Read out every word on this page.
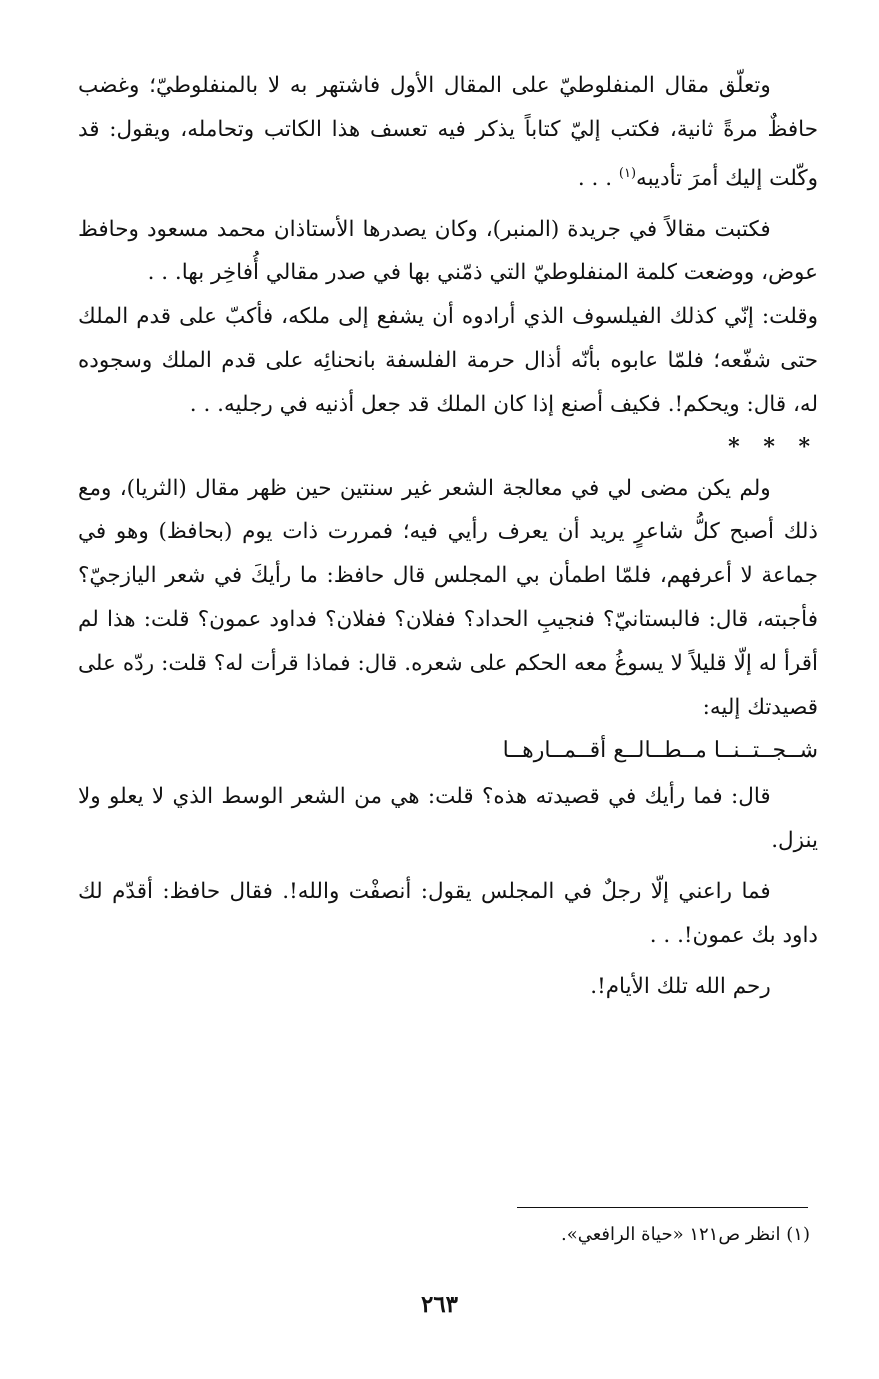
وتعلّق مقال المنفلوطيّ على المقال الأول فاشتهر به لا بالمنفلوطيّ؛ وغضب حافظٌ مرةً ثانية، فكتب إليّ كتاباً يذكر فيه تعسف هذا الكاتب وتحامله، ويقول: قد وكّلت إليك أمرَ تأديبه$^{(١)}$ . . .

فكتبت مقالاً في جريدة (المنبر)، وكان يصدرها الأستاذان محمد مسعود وحافظ عوض، ووضعت كلمة المنفلوطيّ التي ذمّني بها في صدر مقالي أُفاخِر بها. . .

وقلت: إنّي كذلك الفيلسوف الذي أرادوه أن يشفع إلى ملكه، فأكبّ على قدم الملك حتى شفّعه؛ فلمّا عابوه بأنّه أذال حرمة الفلسفة بانحنائِه على قدم الملك وسجوده له، قال: ويحكم!. فكيف أصنع إذا كان الملك قد جعل أذنيه في رجليه. . .

* * *

ولم يكن مضى لي في معالجة الشعر غير سنتين حين ظهر مقال (الثريا)، ومع ذلك أصبح كلُّ شاعرٍ يريد أن يعرف رأيي فيه؛ فمررت ذات يوم (بحافظ) وهو في جماعة لا أعرفهم، فلمّا اطمأن بي المجلس قال حافظ: ما رأيكَ في شعر اليازجيّ؟ فأجبته، قال: فالبستانيّ؟ فنجيبِ الحداد؟ ففلان؟ ففلان؟ فداود عمون؟ قلت: هذا لم أقرأ له إلّا قليلاً لا يسوغُ معه الحكم على شعره. قال: فماذا قرأت له؟ قلت: ردّه على قصيدتك إليه:

شــجــتــنــا مــطــالــع أقــمــارهــا

قال: فما رأيك في قصيدته هذه؟ قلت: هي من الشعر الوسط الذي لا يعلو ولا ينزل.

فما راعني إلّا رجلٌ في المجلس يقول: أنصفْت والله!. فقال حافظ: أقدّم لك داود بك عمون!. . .

رحم الله تلك الأيام!.

(١) انظر ص١٢١ «حياة الرافعي».
٢٦٣
